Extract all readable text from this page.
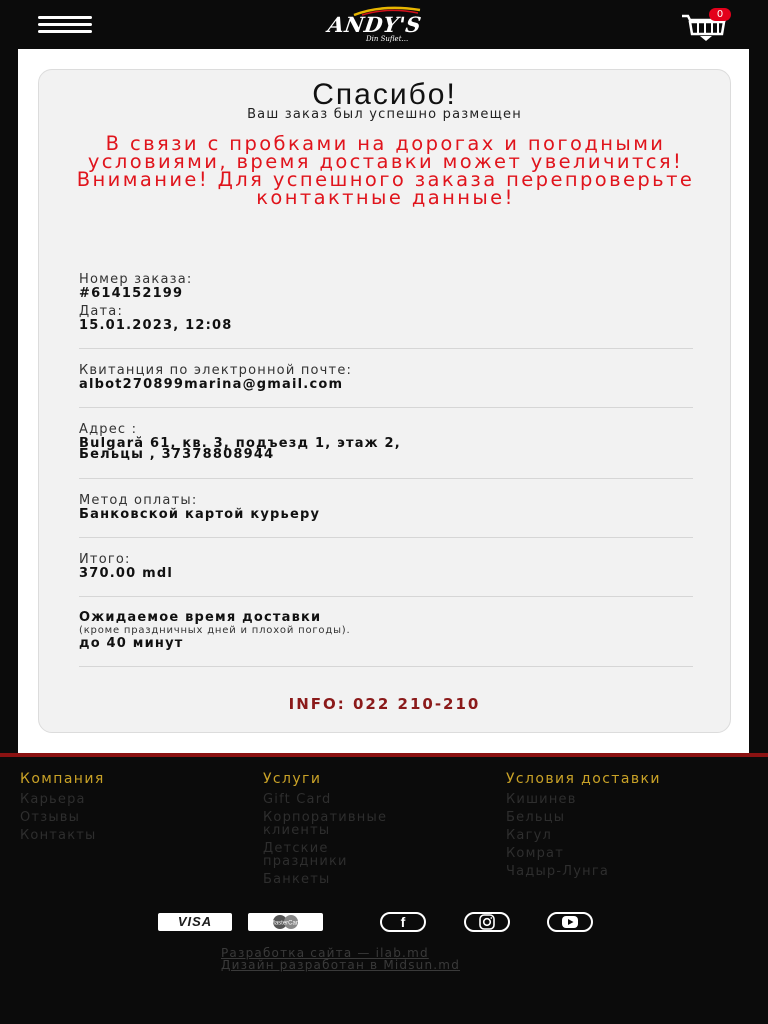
ANDY'S
Din Suflet...
0
Спасибо!
Ваш заказ был успешно размещен
В связи с пробками на дорогах и погодными условиями, время доставки может увеличится! Внимание! Для успешного заказа перепроверьте контактные данные!
Номер заказа:
#614152199
Дата:
15.01.2023, 12:08
Квитанция по электронной почте:
albot270899marina@gmail.com
Адрес :
Bulgară 61, кв. 3, подъезд 1, этаж 2,
Бельцы , 37378808944
Метод оплаты:
Банковской картой курьеру
Итого:
370.00 mdl
Ожидаемое время доставки
(кроме праздничных дней и плохой погоды).
до 40 минут
INFO: 022 210-210
Компания
Карьера
Отзывы
Контакты
Услуги
Gift Card
Корпоративные клиенты
Детские праздники
Банкеты
Условия доставки
Кишинев
Бельцы
Кагул
Комрат
Чадыр-Лунга
VISA	MasterCard	f
Разработка сайта — ilab.md
Дизайн разработан в Midsun.md
